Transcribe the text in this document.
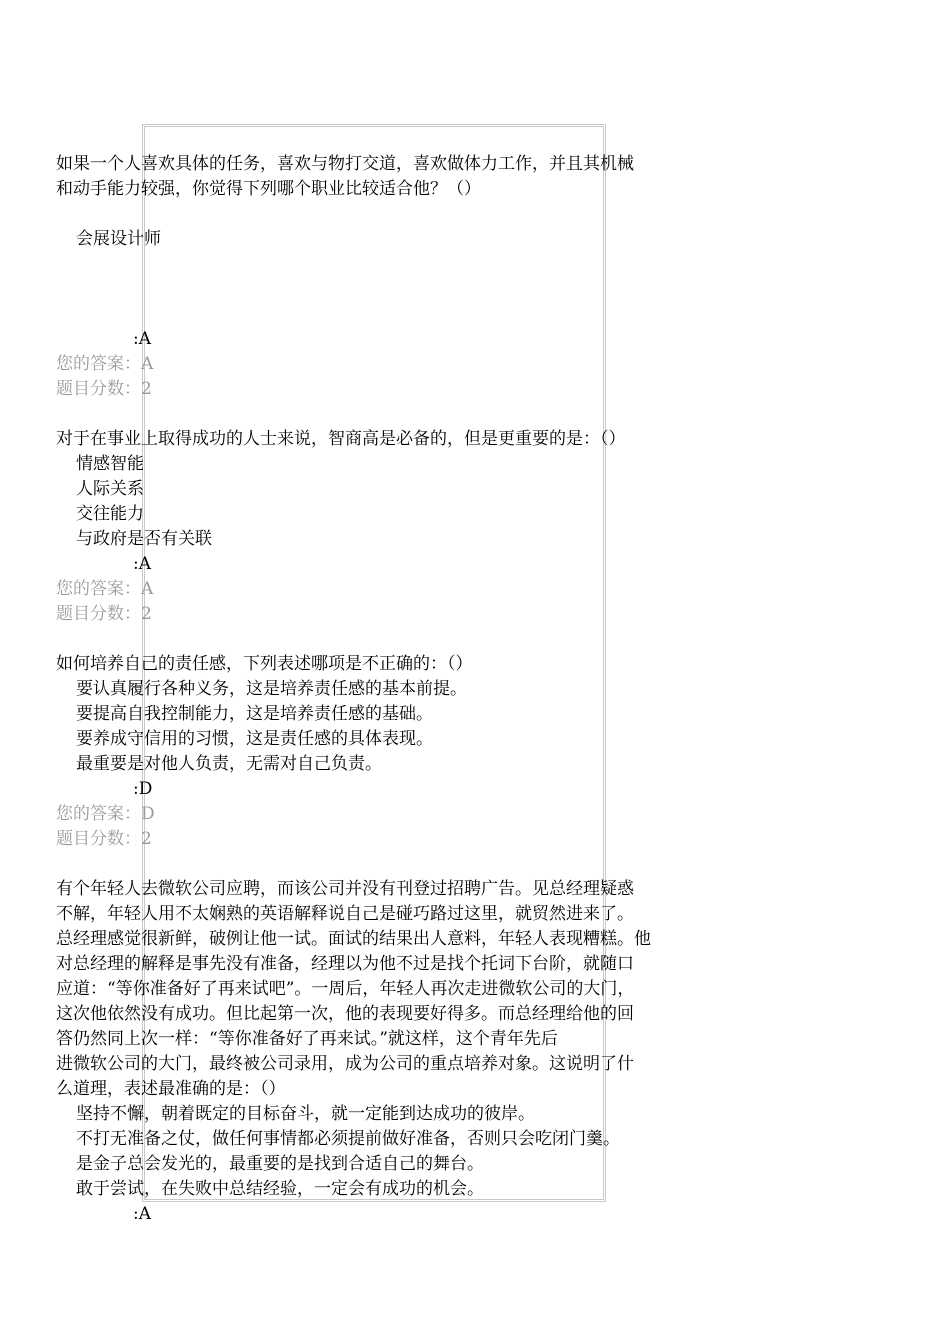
如果一个人喜欢具体的任务，喜欢与物打交道，喜欢做体力工作，并且其机械
和动手能力较强，你觉得下列哪个职业比较适合他？（）
会展设计师
:A
您的答案：A
题目分数：2
对于在事业上取得成功的人士来说，智商高是必备的，但是更重要的是：（）
情感智能
人际关系
交往能力
与政府是否有关联
:A
您的答案：A
题目分数：2
如何培养自己的责任感，下列表述哪项是不正确的：（）
要认真履行各种义务，这是培养责任感的基本前提。
要提高自我控制能力，这是培养责任感的基础。
要养成守信用的习惯，这是责任感的具体表现。
最重要是对他人负责，无需对自己负责。
:D
您的答案：D
题目分数：2
有个年轻人去微软公司应聘，而该公司并没有刊登过招聘广告。见总经理疑惑
不解，年轻人用不太娴熟的英语解释说自己是碰巧路过这里，就贸然进来了。
总经理感觉很新鲜，破例让他一试。面试的结果出人意料，年轻人表现糟糕。他
对总经理的解释是事先没有准备，经理以为他不过是找个托词下台阶，就随口
应道：“等你准备好了再来试吧”。一周后，年轻人再次走进微软公司的大门，
这次他依然没有成功。但比起第一次，他的表现要好得多。而总经理给他的回
答仍然同上次一样：“等你准备好了再来试。”就这样，这个青年先后
进微软公司的大门，最终被公司录用，成为公司的重点培养对象。这说明了什
么道理，表述最准确的是：（）
坚持不懈，朝着既定的目标奋斗，就一定能到达成功的彼岸。
不打无准备之仗，做任何事情都必须提前做好准备，否则只会吃闭门羹。
是金子总会发光的，最重要的是找到合适自己的舞台。
敢于尝试，在失败中总结经验，一定会有成功的机会。
:A
